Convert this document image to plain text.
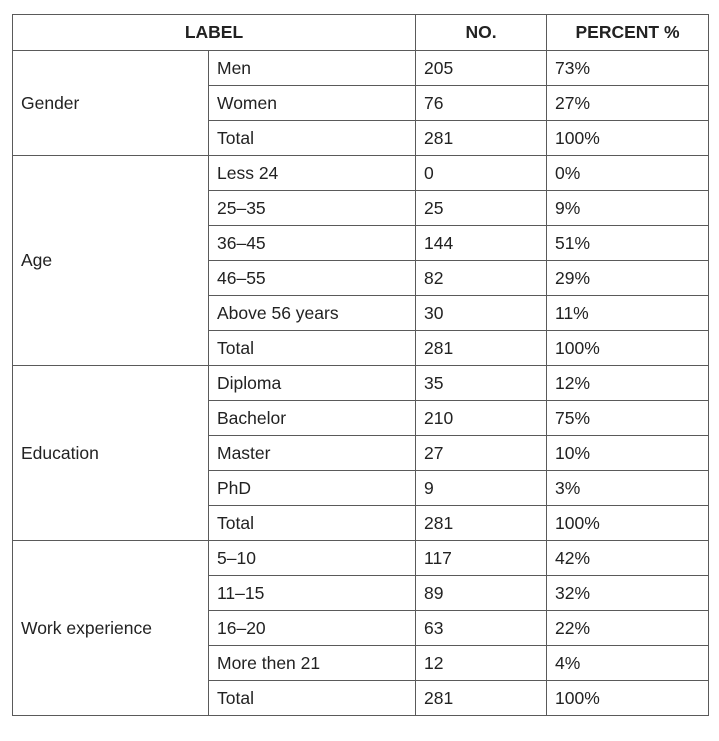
LABEL		NO.	PERCENT %
Gender	Men	205	73%
	Women	76	27%
	Total	281	100%
Age	Less 24	0	0%
	25–35	25	9%
	36–45	144	51%
	46–55	82	29%
	Above 56 years	30	11%
	Total	281	100%
Education	Diploma	35	12%
	Bachelor	210	75%
	Master	27	10%
	PhD	9	3%
	Total	281	100%
Work experience	5–10	117	42%
	11–15	89	32%
	16–20	63	22%
	More then 21	12	4%
	Total	281	100%
